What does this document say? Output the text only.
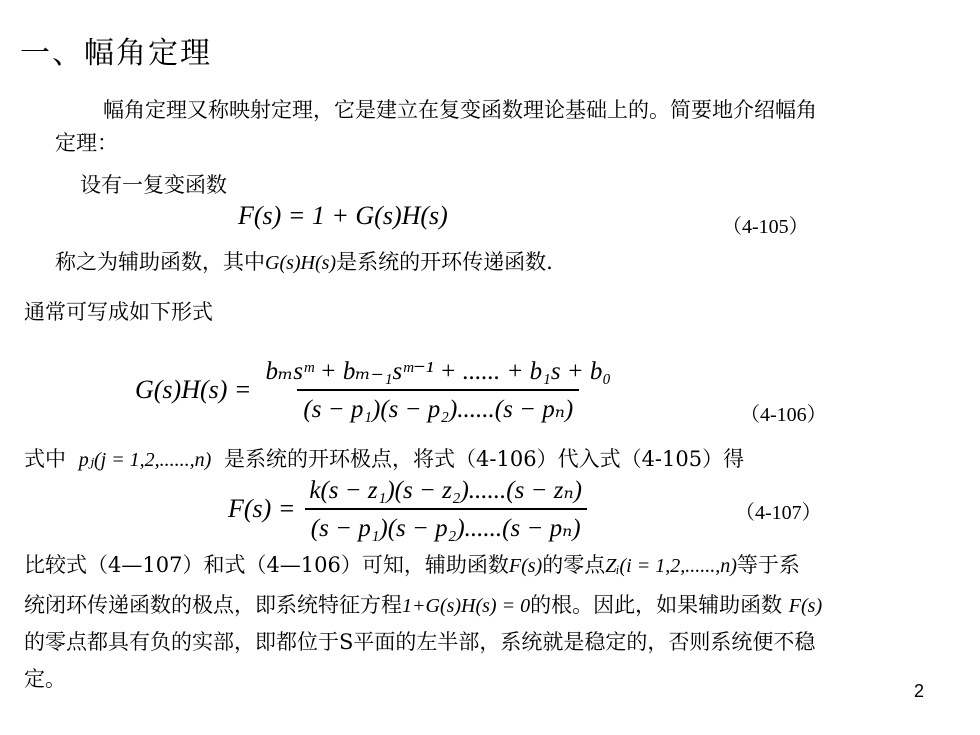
一、幅角定理
幅角定理又称映射定理，它是建立在复变函数理论基础上的。简要地介绍幅角
定理：
设有一复变函数
F(s) = 1 + G(s)H(s)	（4-105）
称之为辅助函数，其中G(s)H(s)是系统的开环传递函数.
通常可写成如下形式
$G(s)H(s) = \frac{\text{bₘsᵐ + bₘ₋₁sᵐ⁻¹ + ...... + b₁s + b₀}}{\text{(s − p₁)(s − p₂)......(s − pₙ)}}$	（4-106）
式中 pⱼ(j = 1,2,......,n) 是系统的开环极点，将式（4-106）代入式（4-105）得
$F(s) = \frac{\text{k(s − z₁)(s − z₂)......(s − zₙ)}}{\text{(s − p₁)(s − p₂)......(s − pₙ)}}$	（4-107）
比较式（4—107）和式（4—106）可知，辅助函数F(s)的零点Zᵢ(i = 1,2,......,n)等于系
统闭环传递函数的极点，即系统特征方程1+G(s)H(s) = 0的根。因此，如果辅助函数 F(s)
的零点都具有负的实部，即都位于S平面的左半部，系统就是稳定的，否则系统便不稳
定。	2
